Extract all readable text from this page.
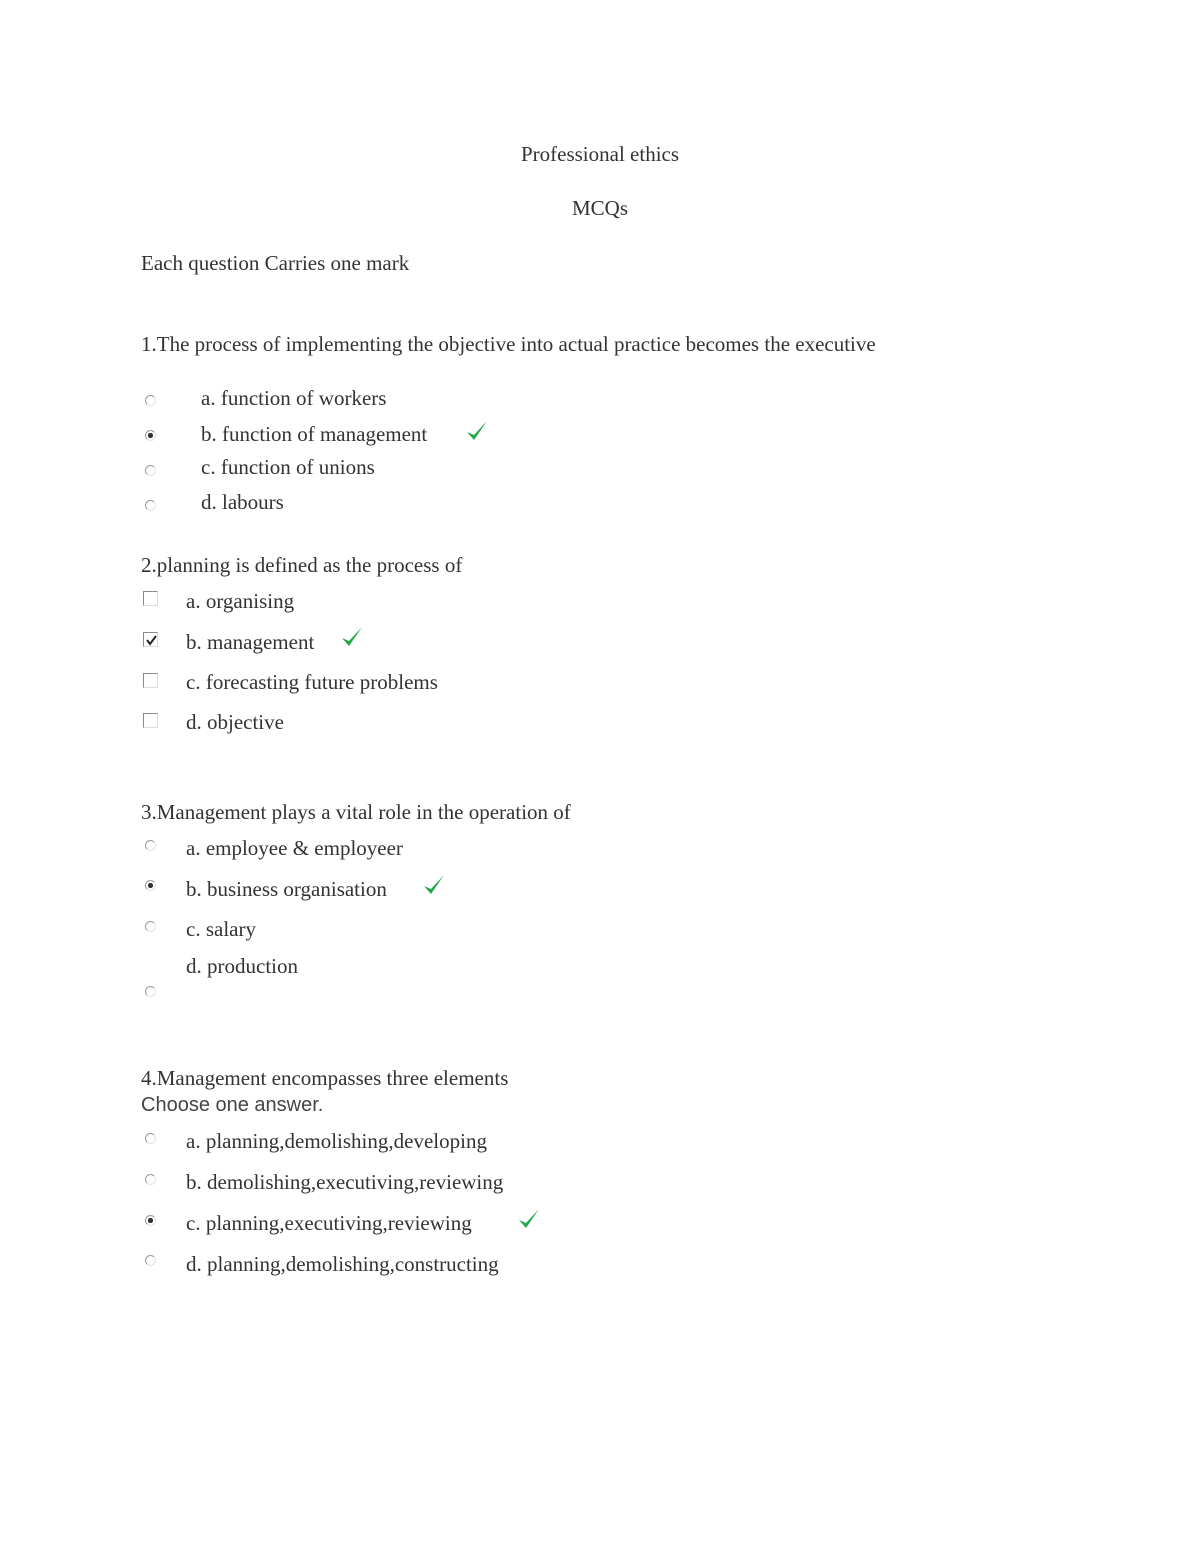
Professional ethics
MCQs
Each question Carries one mark
1.The process of implementing the objective into actual practice becomes the executive
a. function of workers
b. function of management
c. function of unions
d. labours
2.planning is defined as the process of
a. organising
b. management
c. forecasting future problems
d. objective
3.Management plays a vital role in the operation of
a. employee & employeer
b. business organisation
c. salary
d. production
4.Management encompasses three elements
Choose one answer.
a. planning,demolishing,developing
b. demolishing,executiving,reviewing
c. planning,executiving,reviewing
d. planning,demolishing,constructing
